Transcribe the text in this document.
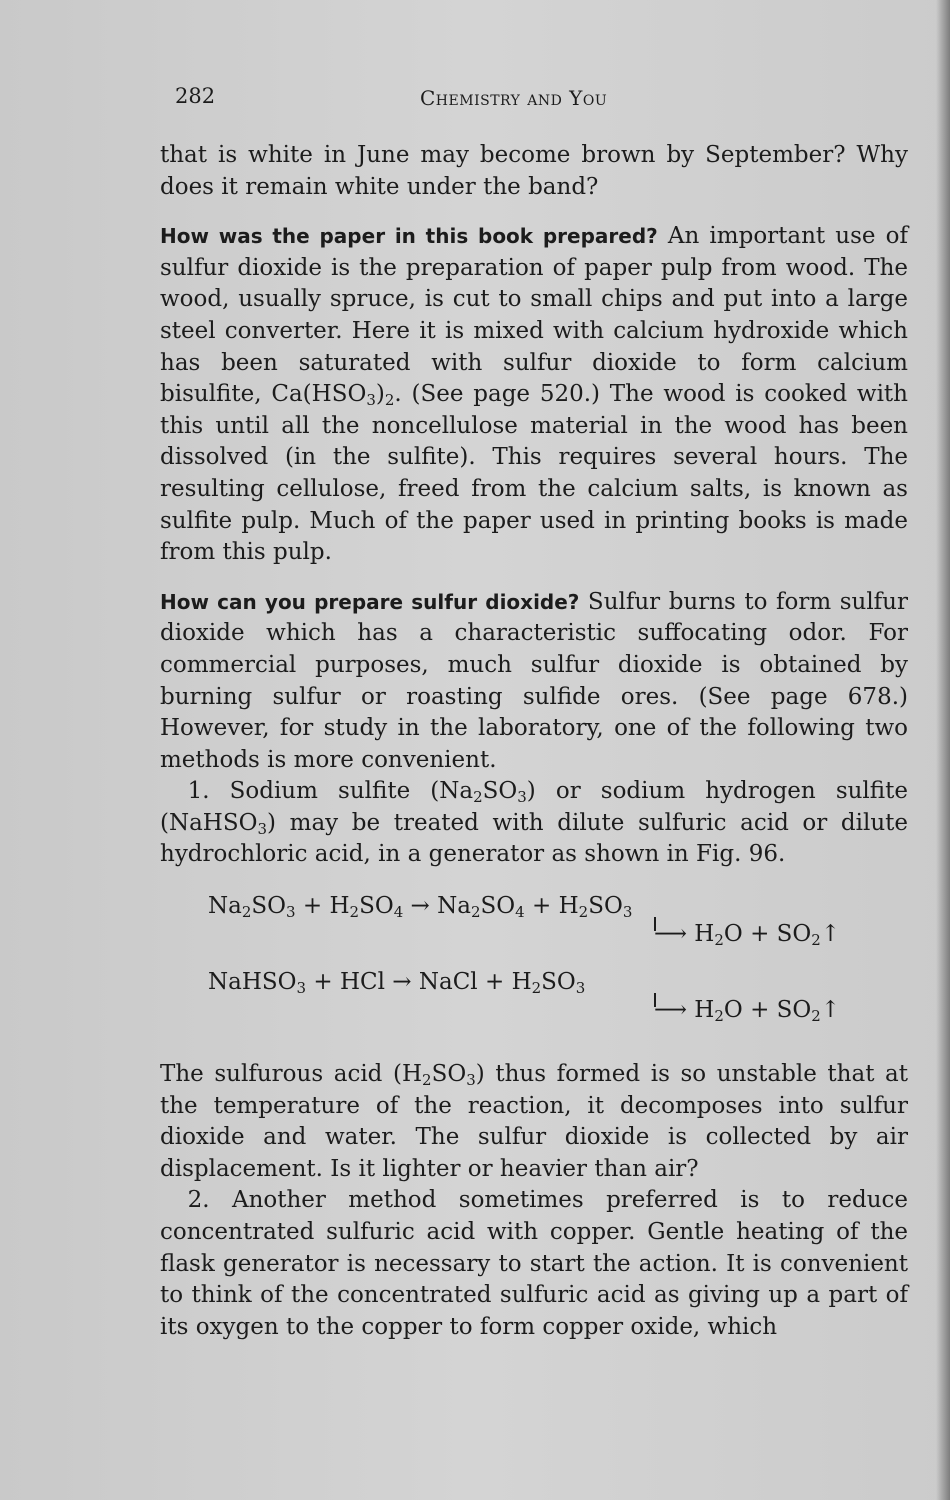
282	Chemistry and You

that is white in June may become brown by September? Why does it remain white under the band?

How was the paper in this book prepared? An important use of sulfur dioxide is the preparation of paper pulp from wood. The wood, usually spruce, is cut to small chips and put into a large steel converter. Here it is mixed with calcium hydroxide which has been saturated with sulfur dioxide to form calcium bisulfite, $Ca(HSO_3)_2$. (See page 520.) The wood is cooked with this until all the noncellulose material in the wood has been dissolved (in the sulfite). This requires several hours. The resulting cellulose, freed from the calcium salts, is known as sulfite pulp. Much of the paper used in printing books is made from this pulp.

How can you prepare sulfur dioxide? Sulfur burns to form sulfur dioxide which has a characteristic suffocating odor. For commercial purposes, much sulfur dioxide is obtained by burning sulfur or roasting sulfide ores. (See page 678.) However, for study in the laboratory, one of the following two methods is more convenient.

1. Sodium sulfite $(Na_2SO_3)$ or sodium hydrogen sulfite (NaHSO$_3$) may be treated with dilute sulfuric acid or dilute hydrochloric acid, in a generator as shown in Fig. 96.

$Na_2SO_3 + H_2SO_4 \to Na_2SO_4 + H_2SO_3$
⟶ $H_2O$ + $SO_2↑$
NaHSO$_3$ + HCl → NaCl + $H_2SO_3$
⟶ $H_2O$ + $SO_2↑$

The sulfurous acid $(H_2SO_3)$ thus formed is so unstable that at the temperature of the reaction, it decomposes into sulfur dioxide and water. The sulfur dioxide is collected by air displacement. Is it lighter or heavier than air?

2. Another method sometimes preferred is to reduce concentrated sulfuric acid with copper. Gentle heating of the flask generator is necessary to start the action. It is convenient to think of the concentrated sulfuric acid as giving up a part of its oxygen to the copper to form copper oxide, which
